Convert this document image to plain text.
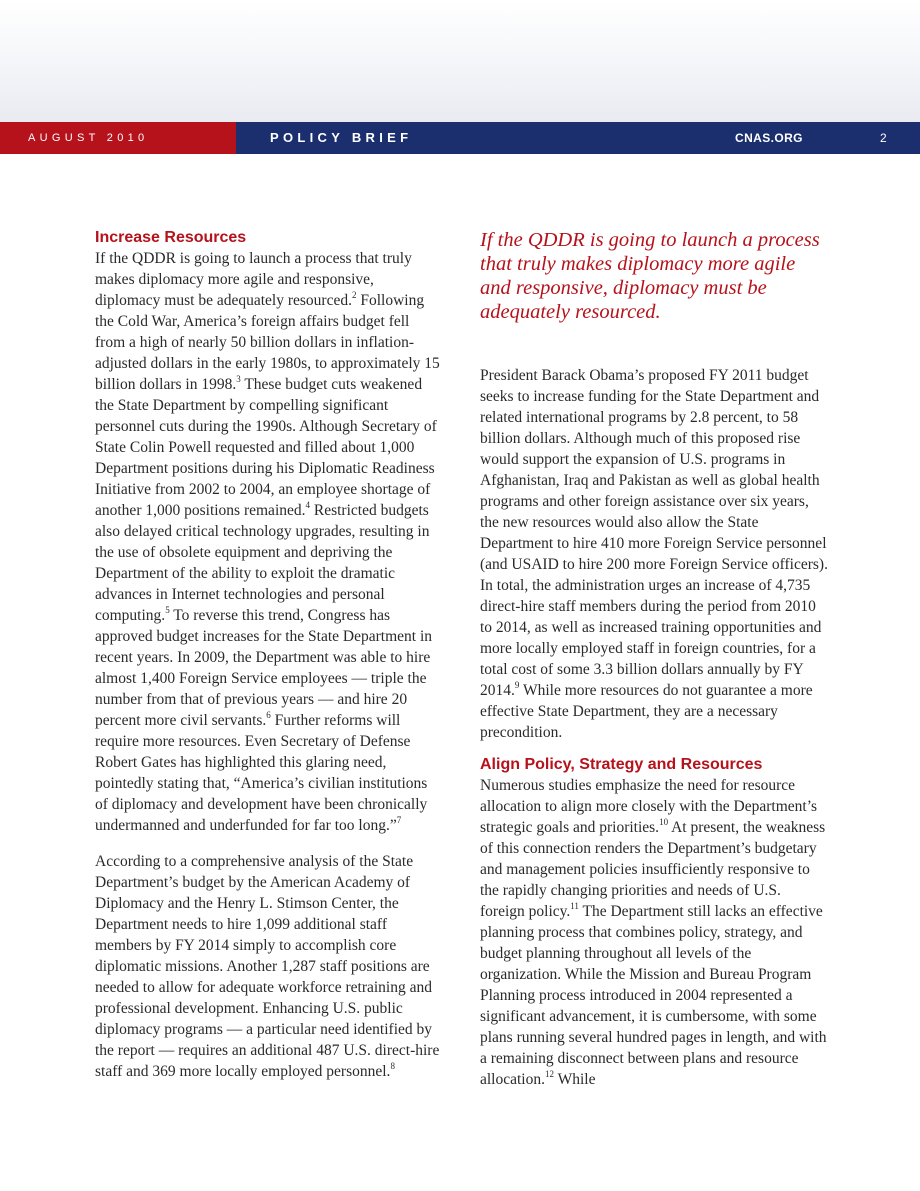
AUGUST 2010	POLICY BRIEF	CNAS.ORG	2
Increase Resources

If the QDDR is going to launch a process that truly makes diplomacy more agile and responsive, diplomacy must be adequately resourced.$^2$ Following the Cold War, America’s foreign affairs budget fell from a high of nearly 50 billion dollars in inflation-adjusted dollars in the early 1980s, to approximately 15 billion dollars in 1998.$^3$ These budget cuts weakened the State Department by compelling significant personnel cuts during the 1990s. Although Secretary of State Colin Powell requested and filled about 1,000 Department positions during his Diplomatic Readiness Initiative from 2002 to 2004, an employee shortage of another 1,000 positions remained.$^4$ Restricted budgets also delayed critical technology upgrades, resulting in the use of obsolete equipment and depriving the Department of the ability to exploit the dramatic advances in Internet technologies and personal computing.$^5$ To reverse this trend, Congress has approved budget increases for the State Department in recent years. In 2009, the Department was able to hire almost 1,400 Foreign Service employees — triple the number from that of previous years — and hire 20 percent more civil servants.$^6$ Further reforms will require more resources. Even Secretary of Defense Robert Gates has highlighted this glaring need, pointedly stating that, “America’s civilian institutions of diplomacy and development have been chronically undermanned and underfunded for far too long.”$^7$

According to a comprehensive analysis of the State Department’s budget by the American Academy of Diplomacy and the Henry L. Stimson Center, the Department needs to hire 1,099 additional staff members by FY 2014 simply to accomplish core diplomatic missions. Another 1,287 staff positions are needed to allow for adequate workforce retraining and professional development. Enhancing U.S. public diplomacy programs — a particular need identified by the report — requires an additional 487 U.S. direct-hire staff and 369 more locally employed personnel.$^8$

If the QDDR is going to launch a process that truly makes diplomacy more agile and responsive, diplomacy must be adequately resourced.

President Barack Obama’s proposed FY 2011 budget seeks to increase funding for the State Department and related international programs by 2.8 percent, to 58 billion dollars. Although much of this proposed rise would support the expansion of U.S. programs in Afghanistan, Iraq and Pakistan as well as global health programs and other foreign assistance over six years, the new resources would also allow the State Department to hire 410 more Foreign Service personnel (and USAID to hire 200 more Foreign Service officers). In total, the administration urges an increase of 4,735 direct-hire staff members during the period from 2010 to 2014, as well as increased training opportunities and more locally employed staff in foreign countries, for a total cost of some 3.3 billion dollars annually by FY 2014.$^9$ While more resources do not guarantee a more effective State Department, they are a necessary precondition.

Align Policy, Strategy and Resources

Numerous studies emphasize the need for resource allocation to align more closely with the Department’s strategic goals and priorities.$^{10}$ At present, the weakness of this connection renders the Department’s budgetary and management policies insufficiently responsive to the rapidly changing priorities and needs of U.S. foreign policy.$^{11}$ The Department still lacks an effective planning process that combines policy, strategy, and budget planning throughout all levels of the organization. While the Mission and Bureau Program Planning process introduced in 2004 represented a significant advancement, it is cumbersome, with some plans running several hundred pages in length, and with a remaining disconnect between plans and resource allocation.$^{12}$ While
